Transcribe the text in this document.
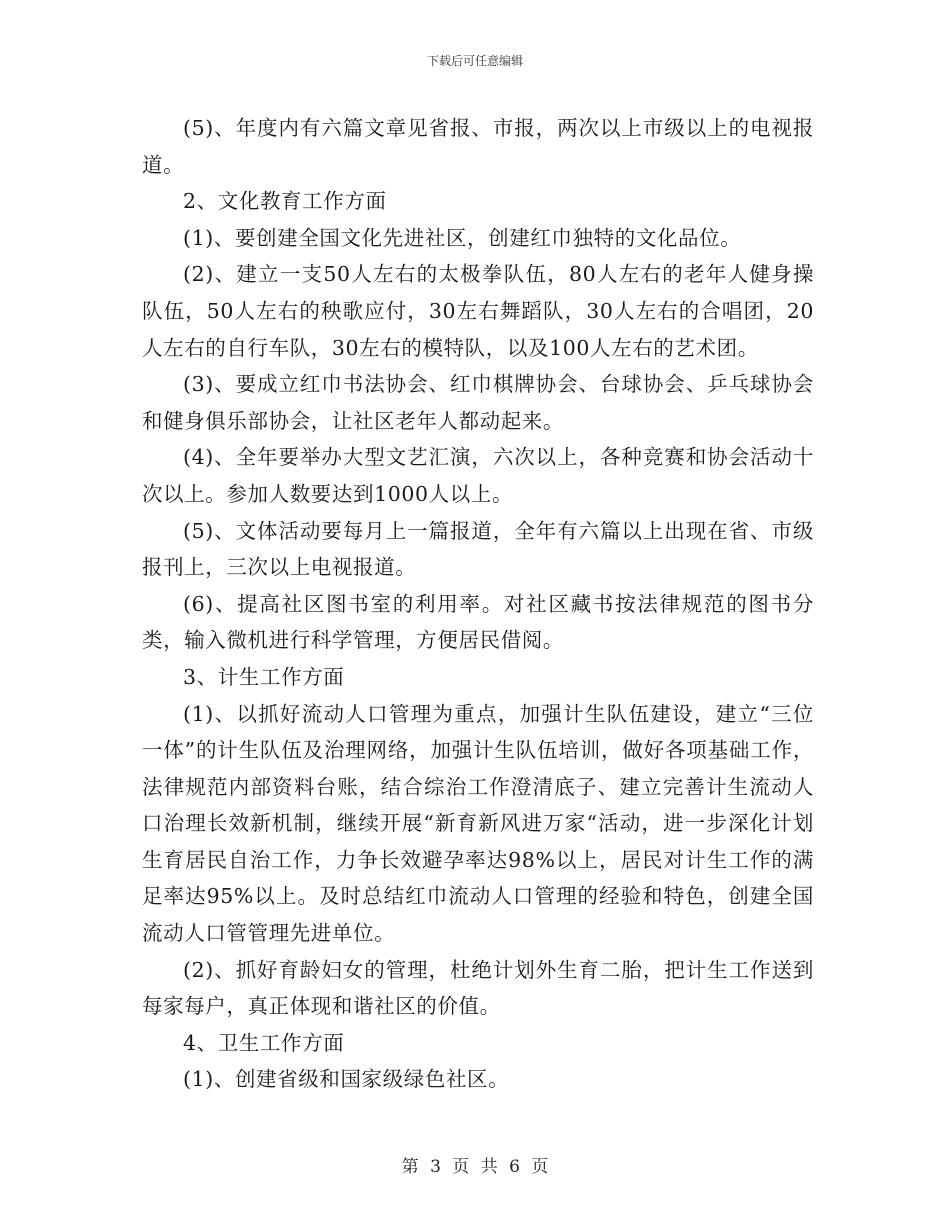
下载后可任意编辑

(5)、年度内有六篇文章见省报、市报，两次以上市级以上的电视报道。

2、文化教育工作方面

(1)、要创建全国文化先进社区，创建红巾独特的文化品位。

(2)、建立一支50人左右的太极拳队伍，80人左右的老年人健身操队伍，50人左右的秧歌应付，30左右舞蹈队，30人左右的合唱团，20人左右的自行车队，30左右的模特队，以及100人左右的艺术团。

(3)、要成立红巾书法协会、红巾棋牌协会、台球协会、乒乓球协会和健身俱乐部协会，让社区老年人都动起来。

(4)、全年要举办大型文艺汇演，六次以上，各种竞赛和协会活动十次以上。参加人数要达到1000人以上。

(5)、文体活动要每月上一篇报道，全年有六篇以上出现在省、市级报刊上，三次以上电视报道。

(6)、提高社区图书室的利用率。对社区藏书按法律规范的图书分类，输入微机进行科学管理，方便居民借阅。

3、计生工作方面

(1)、以抓好流动人口管理为重点，加强计生队伍建设，建立“三位一体”的计生队伍及治理网络，加强计生队伍培训，做好各项基础工作，法律规范内部资料台账，结合综治工作澄清底子、建立完善计生流动人口治理长效新机制，继续开展“新育新风进万家“活动，进一步深化计划生育居民自治工作，力争长效避孕率达98%以上，居民对计生工作的满足率达95%以上。及时总结红巾流动人口管理的经验和特色，创建全国流动人口管管理先进单位。

(2)、抓好育龄妇女的管理，杜绝计划外生育二胎，把计生工作送到每家每户，真正体现和谐社区的价值。

4、卫生工作方面

(1)、创建省级和国家级绿色社区。

第 3 页 共 6 页
